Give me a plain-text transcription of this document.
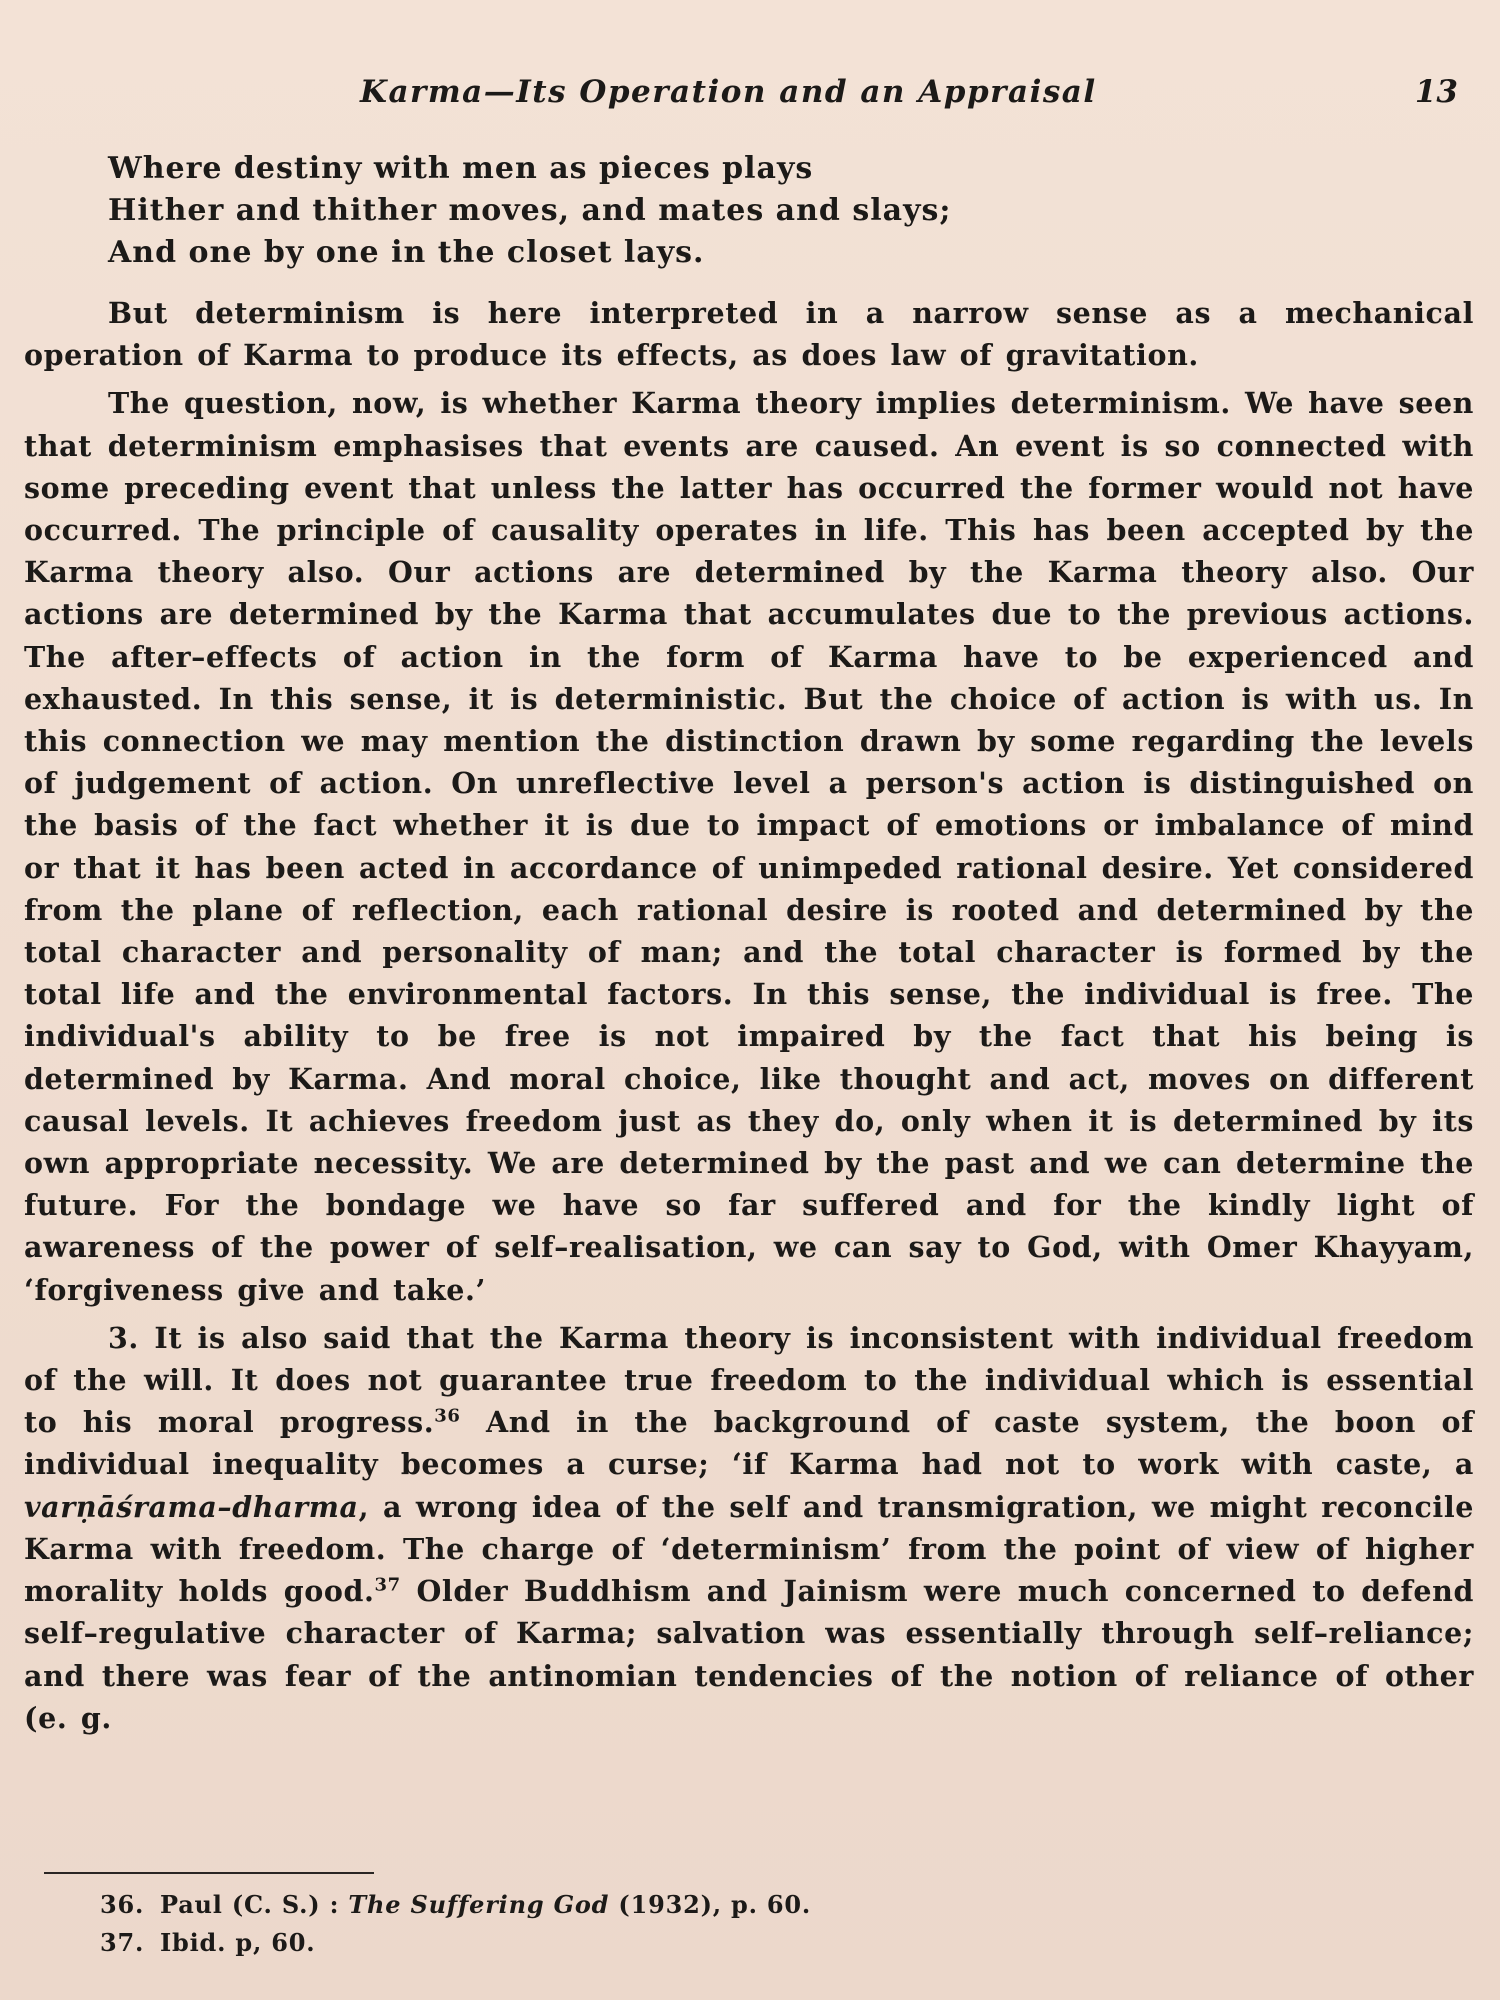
Karma—Its Operation and an Appraisal	13
Where destiny with men as pieces plays
Hither and thither moves, and mates and slays;
And one by one in the closet lays.

But determinism is here interpreted in a narrow sense as a mechanical operation of Karma to produce its effects, as does law of gravitation.

The question, now, is whether Karma theory implies determinism. We have seen that determinism emphasises that events are caused. An event is so connected with some preceding event that unless the latter has occurred the former would not have occurred. The principle of causality operates in life. This has been accepted by the Karma theory also. Our actions are determined by the Karma theory also. Our actions are determined by the Karma that accumulates due to the previous actions. The after–effects of action in the form of Karma have to be experienced and exhausted. In this sense, it is deterministic. But the choice of action is with us. In this connection we may mention the distinction drawn by some regarding the levels of judgement of action. On unreflective level a person's action is distinguished on the basis of the fact whether it is due to impact of emotions or imbalance of mind or that it has been acted in accordance of unimpeded rational desire. Yet considered from the plane of reflection, each rational desire is rooted and determined by the total character and personality of man; and the total character is formed by the total life and the environmental factors. In this sense, the individual is free. The individual's ability to be free is not impaired by the fact that his being is determined by Karma. And moral choice, like thought and act, moves on different causal levels. It achieves freedom just as they do, only when it is determined by its own appropriate necessity. We are determined by the past and we can determine the future. For the bondage we have so far suffered and for the kindly light of awareness of the power of self–realisation, we can say to God, with Omer Khayyam, ‘forgiveness give and take.’

3. It is also said that the Karma theory is inconsistent with individual freedom of the will. It does not guarantee true freedom to the individual which is essential to his moral progress.$^{36}$ And in the background of caste system, the boon of individual inequality becomes a curse; ‘if Karma had not to work with caste, a varṇāśrama–dharma, a wrong idea of the self and transmigration, we might reconcile Karma with freedom. The charge of ‘determinism’ from the point of view of higher morality holds good.$^{37}$ Older Buddhism and Jainism were much concerned to defend self–regulative character of Karma; salvation was essentially through self–reliance; and there was fear of the antinomian tendencies of the notion of reliance of other (e. g.

36. Paul (C. S.) : The Suffering God (1932), p. 60.
37. Ibid. p, 60.
